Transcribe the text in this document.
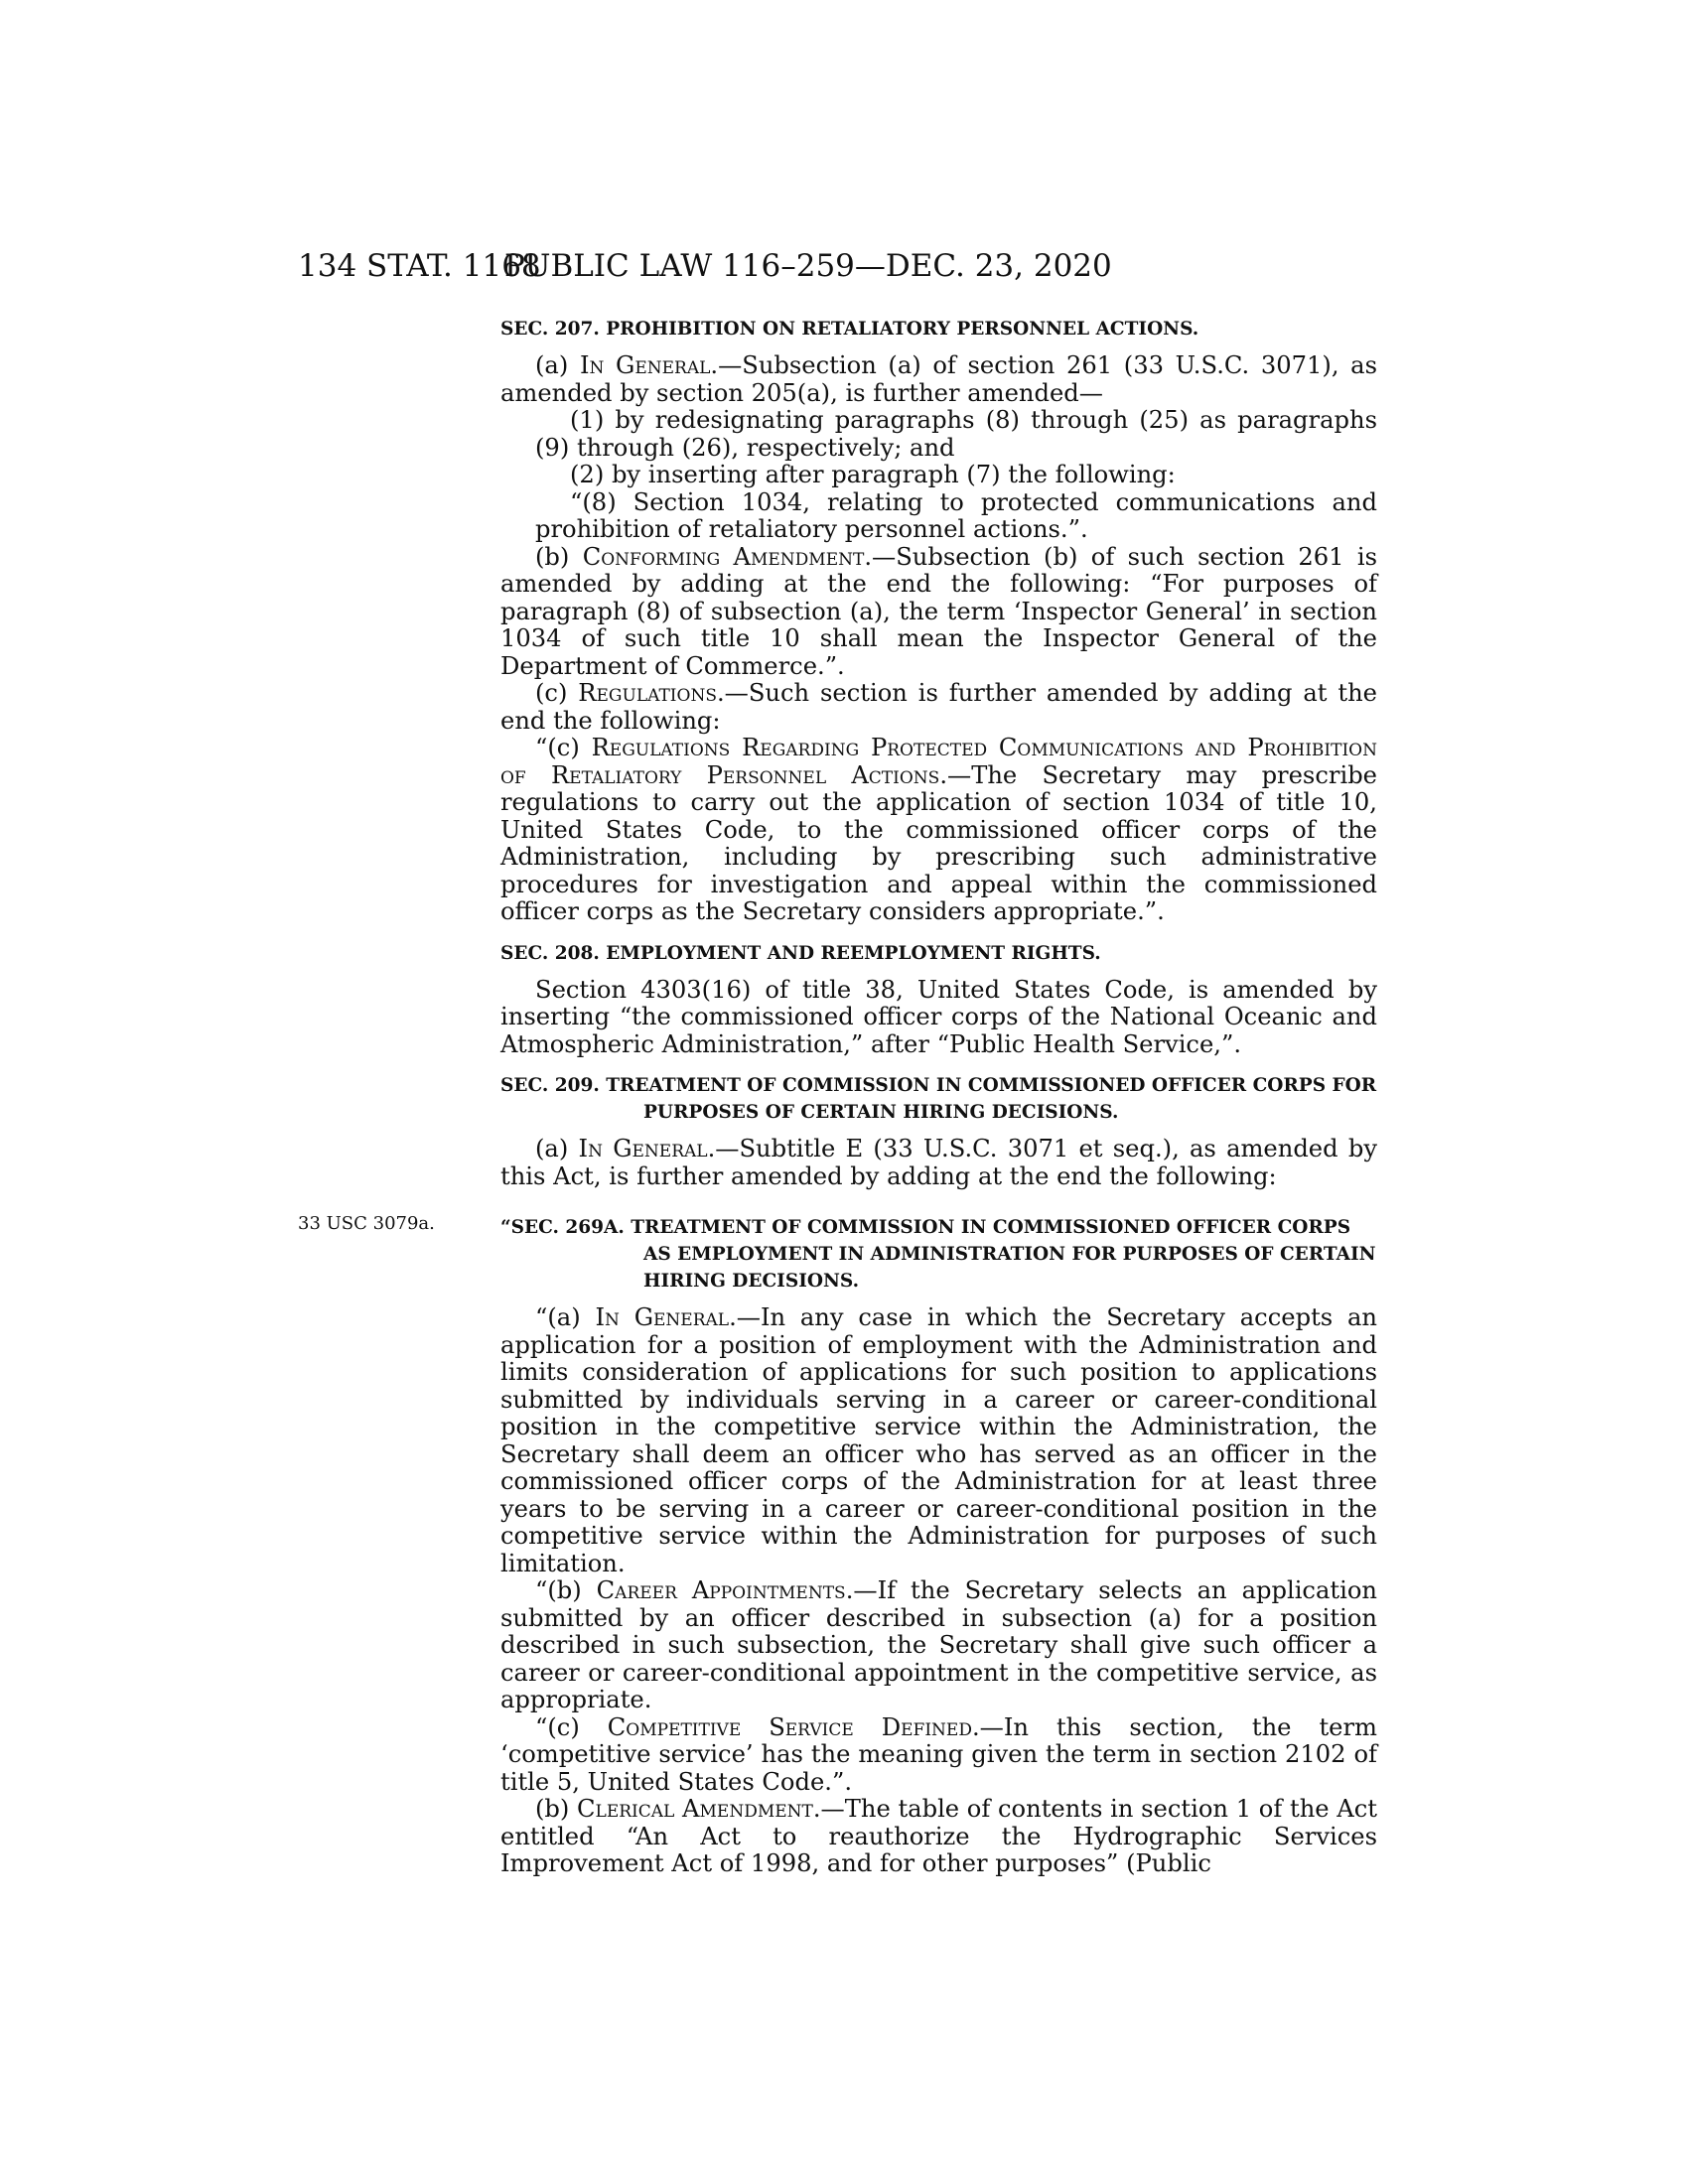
134 STAT. 1168
PUBLIC LAW 116–259—DEC. 23, 2020
33 USC 3079a.
SEC. 207. PROHIBITION ON RETALIATORY PERSONNEL ACTIONS.

(a) In General.—Subsection (a) of section 261 (33 U.S.C. 3071), as amended by section 205(a), is further amended—

(1) by redesignating paragraphs (8) through (25) as paragraphs (9) through (26), respectively; and

(2) by inserting after paragraph (7) the following:

“(8) Section 1034, relating to protected communications and prohibition of retaliatory personnel actions.”.

(b) Conforming Amendment.—Subsection (b) of such section 261 is amended by adding at the end the following: “For purposes of paragraph (8) of subsection (a), the term ‘Inspector General’ in section 1034 of such title 10 shall mean the Inspector General of the Department of Commerce.”.

(c) Regulations.—Such section is further amended by adding at the end the following:

“(c) Regulations Regarding Protected Communications and Prohibition of Retaliatory Personnel Actions.—The Secretary may prescribe regulations to carry out the application of section 1034 of title 10, United States Code, to the commissioned officer corps of the Administration, including by prescribing such administrative procedures for investigation and appeal within the commissioned officer corps as the Secretary considers appropriate.”.

SEC. 208. EMPLOYMENT AND REEMPLOYMENT RIGHTS.

Section 4303(16) of title 38, United States Code, is amended by inserting “the commissioned officer corps of the National Oceanic and Atmospheric Administration,” after “Public Health Service,”.

SEC. 209. TREATMENT OF COMMISSION IN COMMISSIONED OFFICER CORPS FOR PURPOSES OF CERTAIN HIRING DECISIONS.

(a) In General.—Subtitle E (33 U.S.C. 3071 et seq.), as amended by this Act, is further amended by adding at the end the following:

“SEC. 269A. TREATMENT OF COMMISSION IN COMMISSIONED OFFICER CORPS AS EMPLOYMENT IN ADMINISTRATION FOR PURPOSES OF CERTAIN HIRING DECISIONS.

“(a) In General.—In any case in which the Secretary accepts an application for a position of employment with the Administration and limits consideration of applications for such position to applications submitted by individuals serving in a career or career-conditional position in the competitive service within the Administration, the Secretary shall deem an officer who has served as an officer in the commissioned officer corps of the Administration for at least three years to be serving in a career or career-conditional position in the competitive service within the Administration for purposes of such limitation.

“(b) Career Appointments.—If the Secretary selects an application submitted by an officer described in subsection (a) for a position described in such subsection, the Secretary shall give such officer a career or career-conditional appointment in the competitive service, as appropriate.

“(c) Competitive Service Defined.—In this section, the term ‘competitive service’ has the meaning given the term in section 2102 of title 5, United States Code.”.

(b) Clerical Amendment.—The table of contents in section 1 of the Act entitled “An Act to reauthorize the Hydrographic Services Improvement Act of 1998, and for other purposes” (Public
